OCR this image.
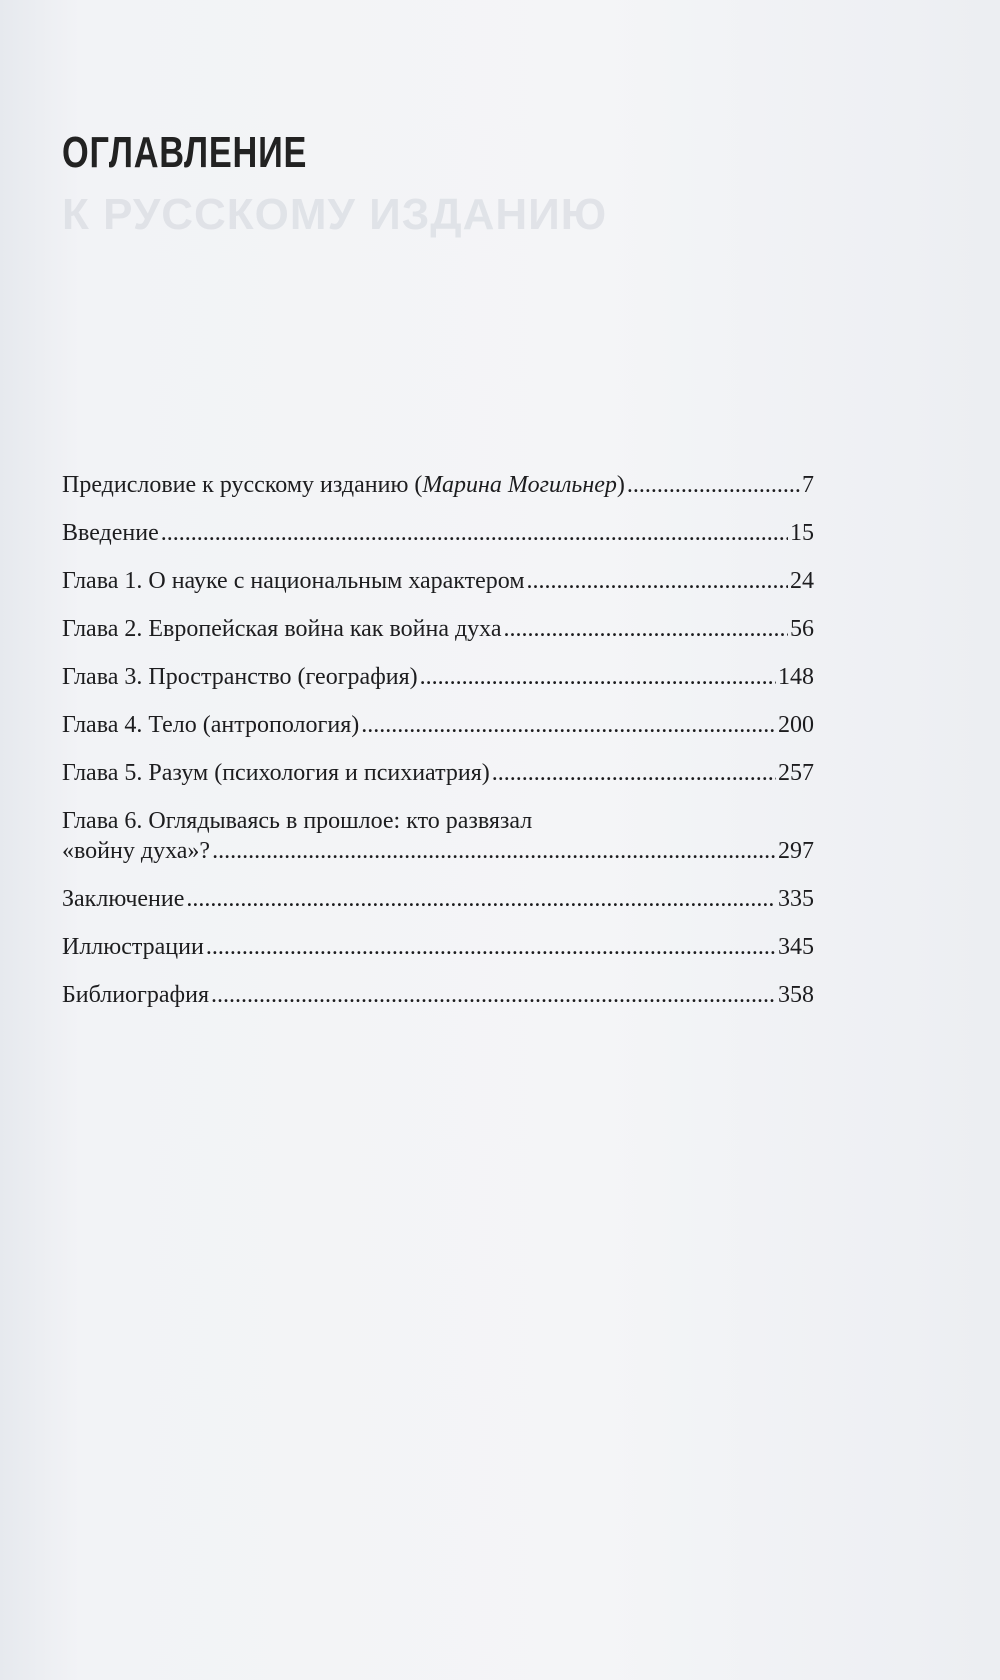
К РУССКОМУ ИЗДАНИЮ
ОГЛАВЛЕНИЕ
Предисловие к русскому изданию (Марина Могильнер) . . .	7
Введение . . .	15
Глава 1. О науке с национальным характером . . .	24
Глава 2. Европейская война как война духа . . .	56
Глава 3. Пространство (география) . . .	148
Глава 4. Тело (антропология) . . .	200
Глава 5. Разум (психология и психиатрия) . . .	257
Глава 6. Оглядываясь в прошлое: кто развязал
«войну духа»? . . .	297
Заключение . . .	335
Иллюстрации . . .	345
Библиография . . .	358
